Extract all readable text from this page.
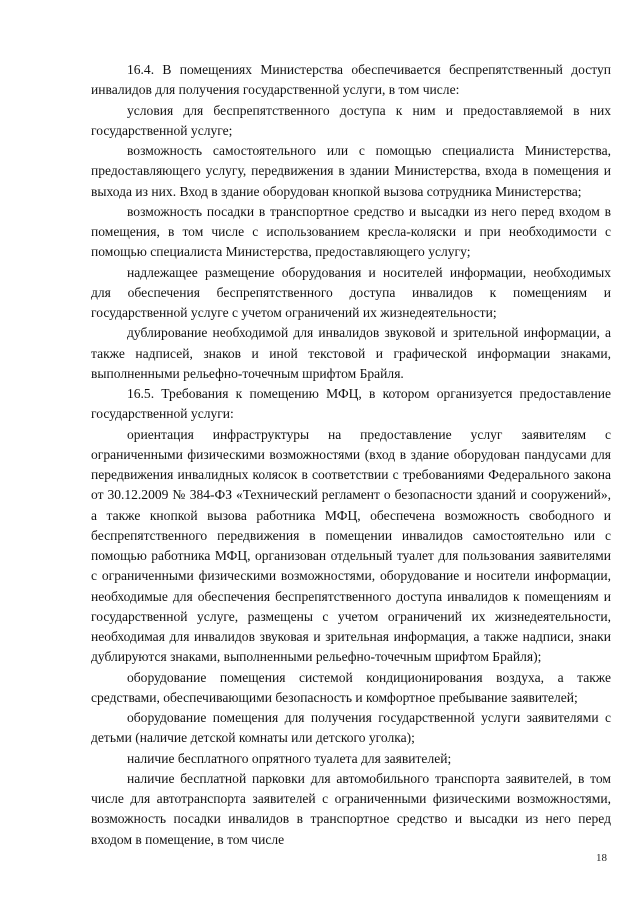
16.4. В помещениях Министерства обеспечивается беспрепятственный доступ инвалидов для получения государственной услуги, в том числе:

условия для беспрепятственного доступа к ним и предоставляемой в них государственной услуге;

возможность самостоятельного или с помощью специалиста Министерства, предоставляющего услугу, передвижения в здании Министерства, входа в помещения и выхода из них. Вход в здание оборудован кнопкой вызова сотрудника Министерства;

возможность посадки в транспортное средство и высадки из него перед входом в помещения, в том числе с использованием кресла-коляски и при необходимости с помощью специалиста Министерства, предоставляющего услугу;

надлежащее размещение оборудования и носителей информации, необходимых для обеспечения беспрепятственного доступа инвалидов к помещениям и государственной услуге с учетом ограничений их жизнедеятельности;

дублирование необходимой для инвалидов звуковой и зрительной информации, а также надписей, знаков и иной текстовой и графической информации знаками, выполненными рельефно-точечным шрифтом Брайля.

16.5. Требования к помещению МФЦ, в котором организуется предоставление государственной услуги:

ориентация инфраструктуры на предоставление услуг заявителям с ограниченными физическими возможностями (вход в здание оборудован пандусами для передвижения инвалидных колясок в соответствии с требованиями Федерального закона от 30.12.2009 № 384-ФЗ «Технический регламент о безопасности зданий и сооружений», а также кнопкой вызова работника МФЦ, обеспечена возможность свободного и беспрепятственного передвижения в помещении инвалидов самостоятельно или с помощью работника МФЦ, организован отдельный туалет для пользования заявителями с ограниченными физическими возможностями, оборудование и носители информации, необходимые для обеспечения беспрепятственного доступа инвалидов к помещениям и государственной услуге, размещены с учетом ограничений их жизнедеятельности, необходимая для инвалидов звуковая и зрительная информация, а также надписи, знаки дублируются знаками, выполненными рельефно-точечным шрифтом Брайля);

оборудование помещения системой кондиционирования воздуха, а также средствами, обеспечивающими безопасность и комфортное пребывание заявителей;

оборудование помещения для получения государственной услуги заявителями с детьми (наличие детской комнаты или детского уголка);

наличие бесплатного опрятного туалета для заявителей;

наличие бесплатной парковки для автомобильного транспорта заявителей, в том числе для автотранспорта заявителей с ограниченными физическими возможностями, возможность посадки инвалидов в транспортное средство и высадки из него перед входом в помещение, в том числе

18
